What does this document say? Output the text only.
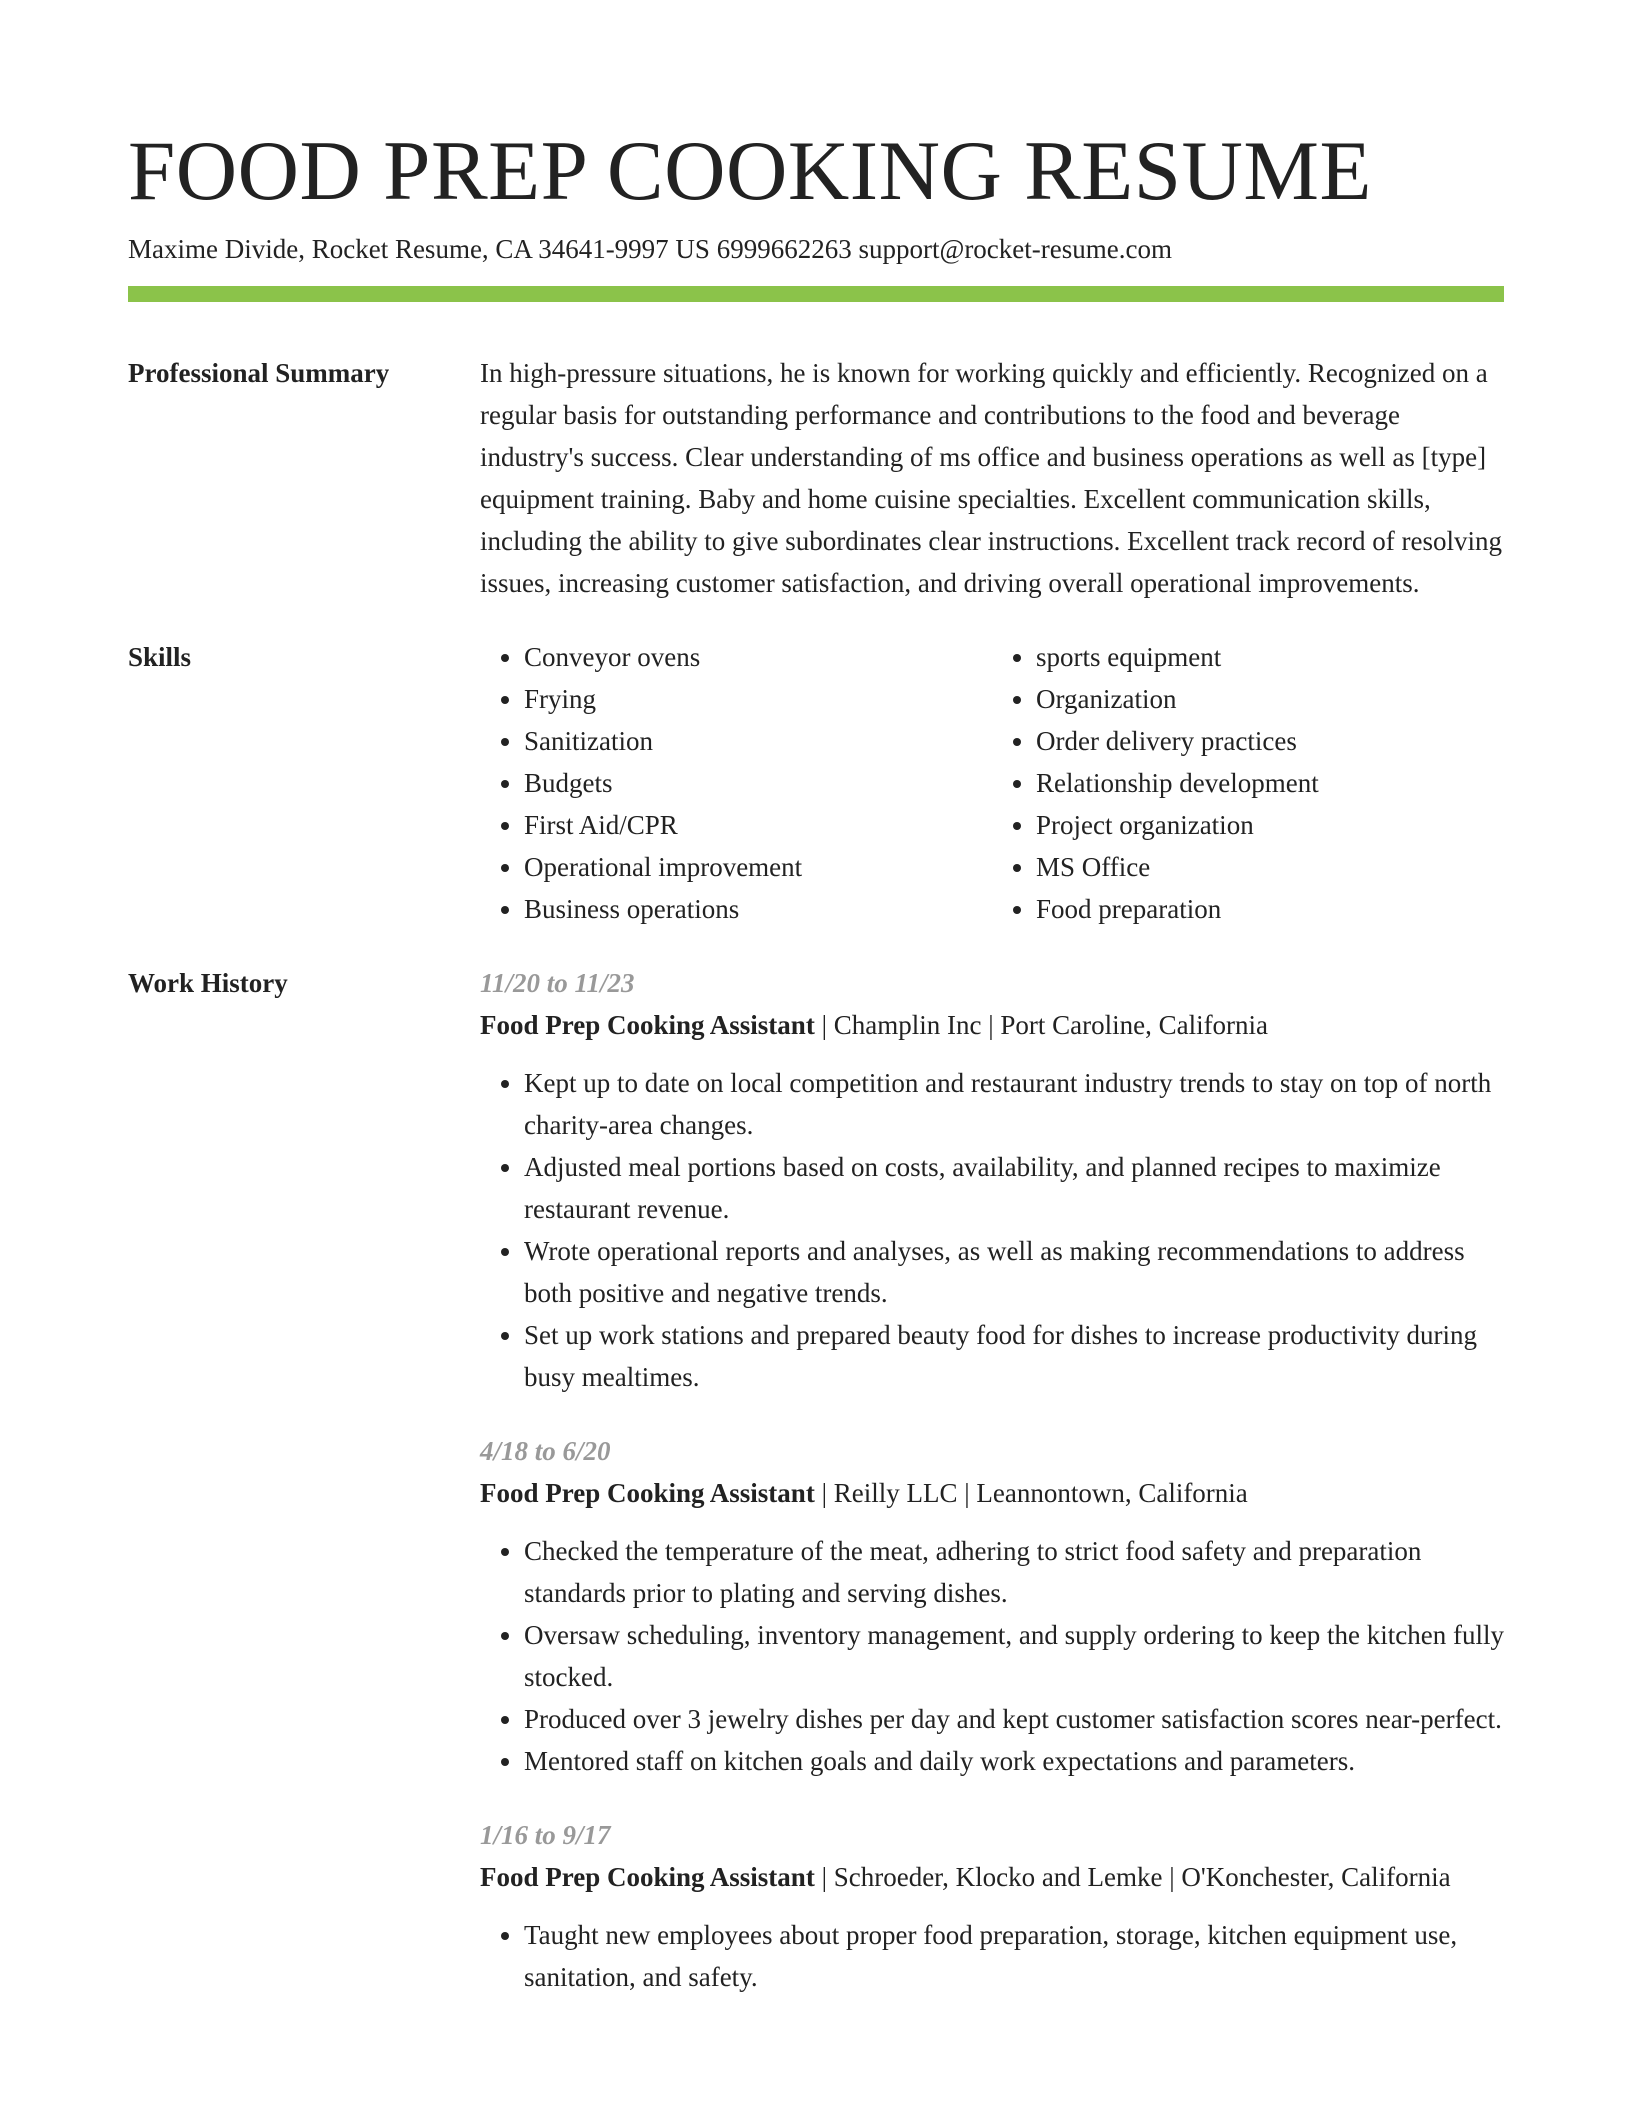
FOOD PREP COOKING RESUME
Maxime Divide, Rocket Resume, CA 34641-9997 US 6999662263 support@rocket-resume.com
Professional Summary	In high-pressure situations, he is known for working quickly and efficiently. Recognized on a regular basis for outstanding performance and contributions to the food and beverage industry's success. Clear understanding of ms office and business operations as well as [type] equipment training. Baby and home cuisine specialties. Excellent communication skills, including the ability to give subordinates clear instructions. Excellent track record of resolving issues, increasing customer satisfaction, and driving overall operational improvements.

Skills
•	Conveyor ovens
• Frying
• Sanitization
• Budgets
• First Aid/CPR
• Operational improvement
• Business operations
• sports equipment
• Organization
• Order delivery practices
• Relationship development
• Project organization
• MS Office
• Food preparation
Work History	11/20 to 11/23
Food Prep Cooking Assistant | Champlin Inc | Port Caroline, California
• Kept up to date on local competition and restaurant industry trends to stay on top of north charity-area changes.
• Adjusted meal portions based on costs, availability, and planned recipes to maximize restaurant revenue.
• Wrote operational reports and analyses, as well as making recommendations to address both positive and negative trends.
• Set up work stations and prepared beauty food for dishes to increase productivity during busy mealtimes.
4/18 to 6/20
Food Prep Cooking Assistant | Reilly LLC | Leannontown, California
• Checked the temperature of the meat, adhering to strict food safety and preparation standards prior to plating and serving dishes.
• Oversaw scheduling, inventory management, and supply ordering to keep the kitchen fully stocked.
• Produced over 3 jewelry dishes per day and kept customer satisfaction scores near-perfect.
• Mentored staff on kitchen goals and daily work expectations and parameters.
1/16 to 9/17
Food Prep Cooking Assistant | Schroeder, Klocko and Lemke | O'Konchester, California
• Taught new employees about proper food preparation, storage, kitchen equipment use, sanitation, and safety.
